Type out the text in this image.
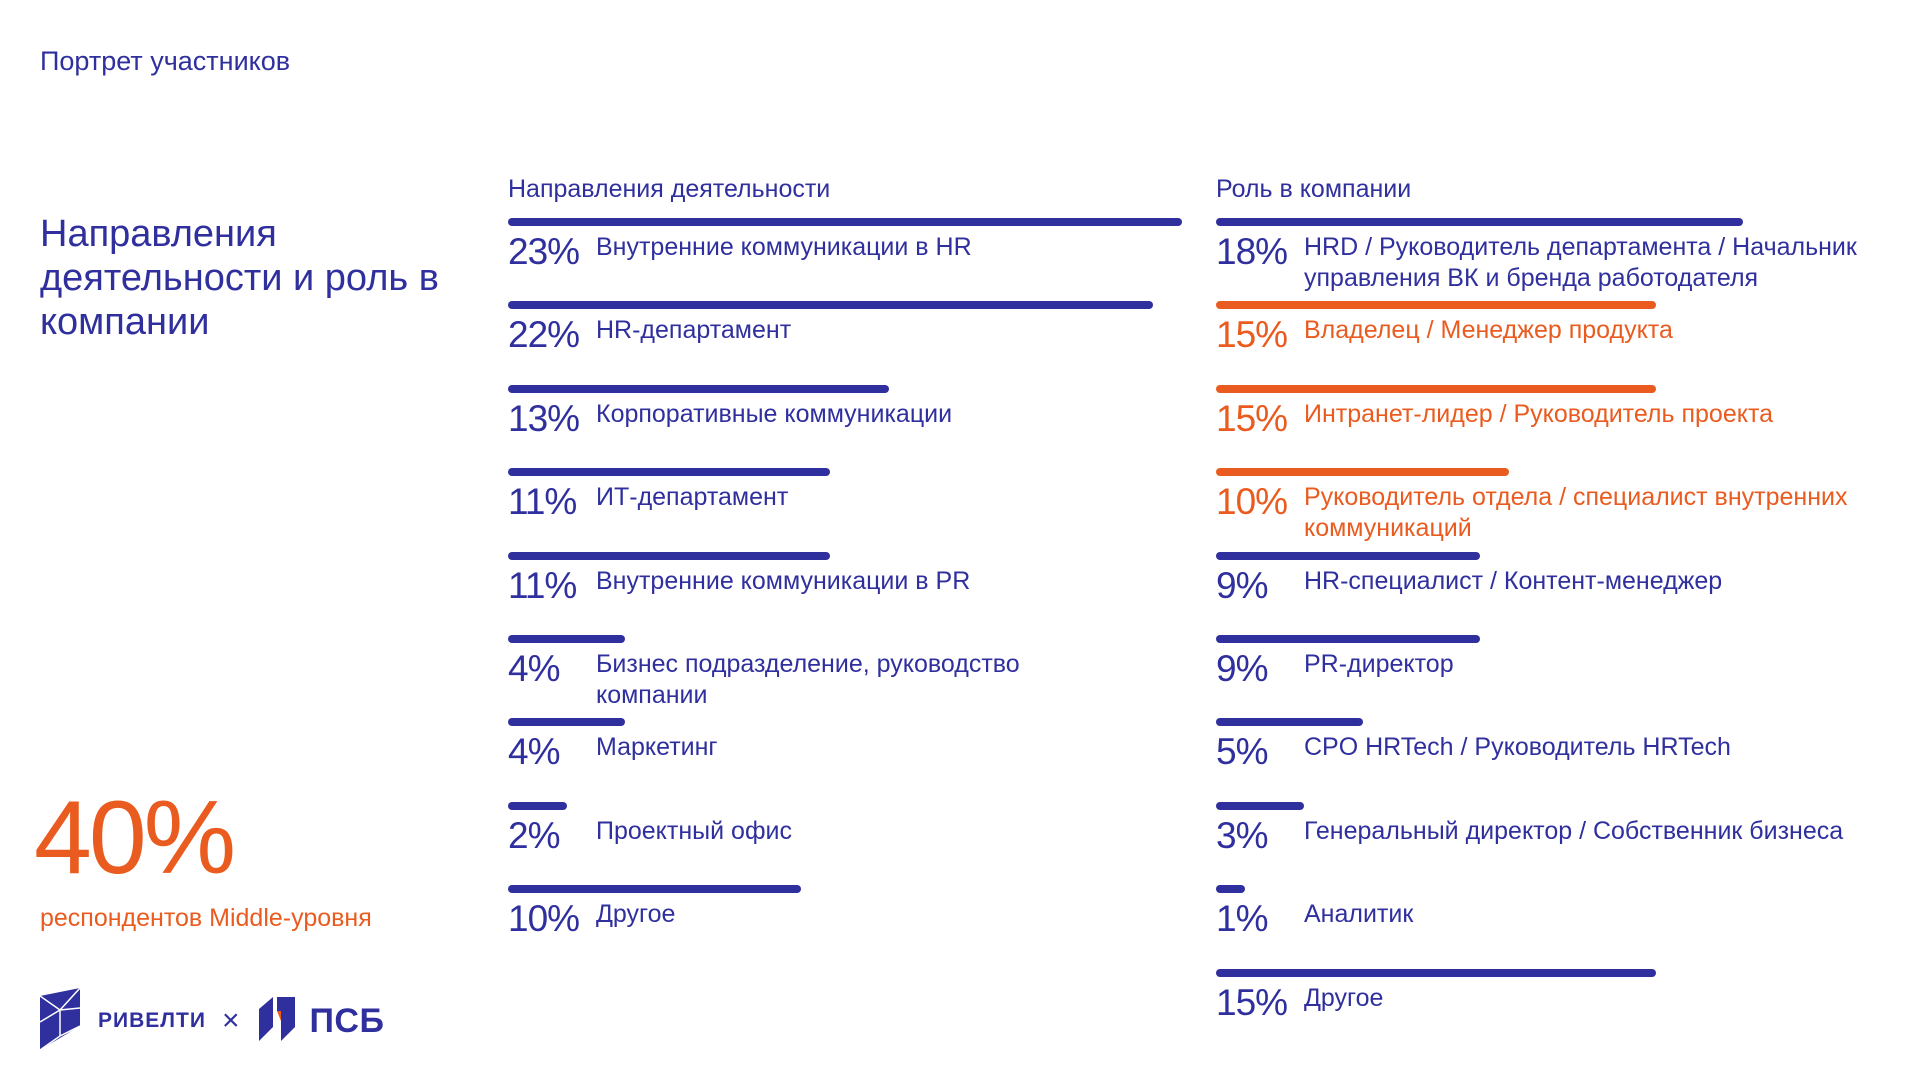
Портрет участников
Направления деятельности и роль в компании
40%
респондентов Middle-уровня
Направления деятельности	Роль в компании
23% Внутренние коммуникации в HR
22% HR-департамент
13% Корпоративные коммуникации
11% ИТ-департамент
11% Внутренние коммуникации в PR
4% Бизнес подразделение, руководство компании
4% Маркетинг
2% Проектный офис
10% Другое
18% HRD / Руководитель департамента / Начальник управления ВК и бренда работодателя
15% Владелец / Менеджер продукта
15% Интранет-лидер / Руководитель проекта
10% Руководитель отдела / специалист внутренних коммуникаций
9% HR-специалист / Контент-менеджер
9% PR-директор
5% CPO HRTech / Руководитель HRTech
3% Генеральный директор / Собственник бизнеса
1% Аналитик
15% Другое
РИВЕЛТИ × ПСБ
